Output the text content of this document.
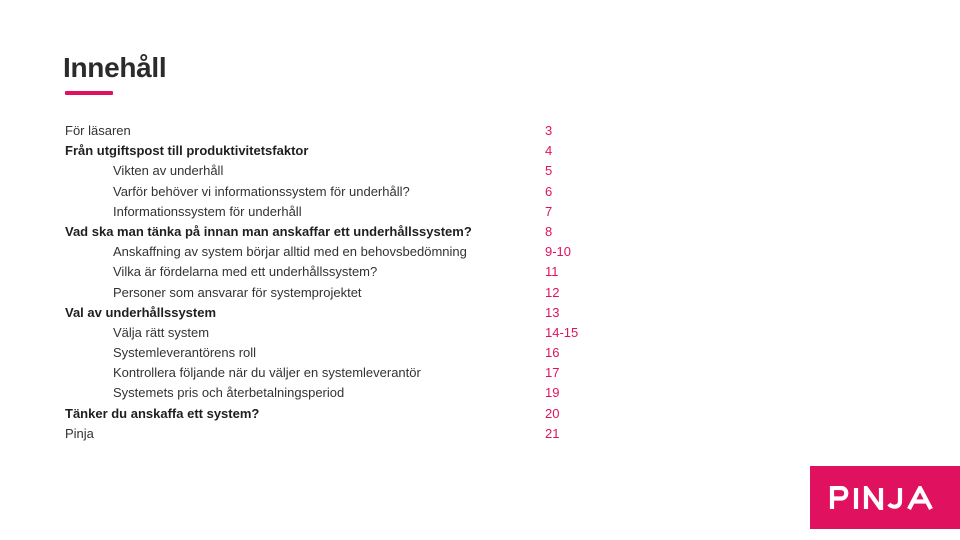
Innehåll
För läsaren	3
Från utgiftspost till produktivitetsfaktor	4
Vikten av underhåll	5
Varför behöver vi informationssystem för underhåll?	6
Informationssystem för underhåll	7
Vad ska man tänka på innan man anskaffar ett underhållssystem?	8
Anskaffning av system börjar alltid med en behovsbedömning	9-10
Vilka är fördelarna med ett underhållssystem?	11
Personer som ansvarar för systemprojektet	12
Val av underhållssystem	13
Välja rätt system	14-15
Systemleverantörens roll	16
Kontrollera följande när du väljer en systemleverantör	17
Systemets pris och återbetalningsperiod	19
Tänker du anskaffa ett system?	20
Pinja	21
